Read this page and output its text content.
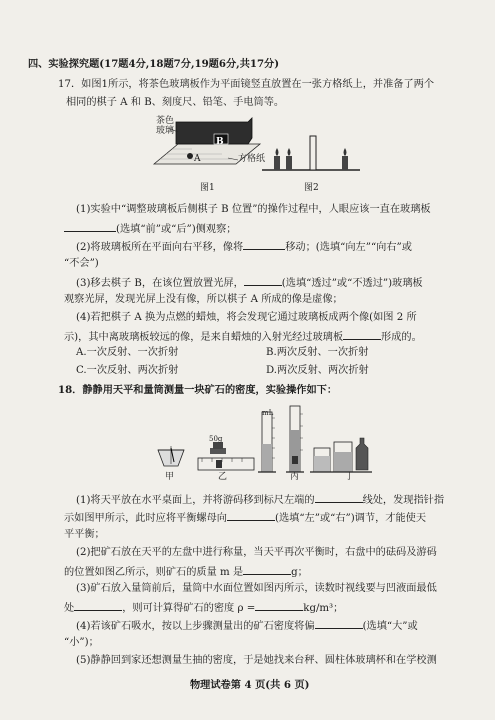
四、实验探究题(17题4分,18题7分,19题6分,共17分)
17．如图1所示，将茶色玻璃板作为平面镜竖直放置在一张方格纸上，并准备了两个
相同的棋子 A 和 B、刻度尺、铅笔、手电筒等。
茶色
玻璃
B
A	方格纸
图1	图2
(1)实验中“调整玻璃板后侧棋子 B 位置”的操作过程中，人眼应该一直在玻璃板
(选填“前”或“后”)侧观察；
(2)将玻璃板所在平面向右平移，像将	移动；(选填“向左”“向右”或
“不会”)
(3)移去棋子 B，在该位置放置光屏，	(选填“透过”或“不透过”)玻璃板
观察光屏，发现光屏上没有像，所以棋子 A 所成的像是虚像；
(4)若把棋子 A 换为点燃的蜡烛，将会发现它通过玻璃板成两个像(如图 2 所
示)，其中离玻璃板较远的像，是来自蜡烛的入射光经过玻璃板	形成的。
A.一次反射、一次折射	B.两次反射、一次折射
C.一次反射、两次折射	D.两次反射、两次折射
18．静静用天平和量筒测量一块矿石的密度，实验操作如下：
50g
mL
甲	乙	丙	丁
(1)将天平放在水平桌面上，并将游码移到标尺左端的	线处，发现指针指
示如图甲所示，此时应将平衡螺母向	(选填“左”或“右”)调节，才能使天
平平衡；
(2)把矿石放在天平的左盘中进行称量，当天平再次平衡时，右盘中的砝码及游码
的位置如图乙所示，则矿石的质量 m 是	g；
(3)矿石放入量筒前后，量筒中水面位置如图丙所示，读数时视线要与凹液面最低
处	，则可计算得矿石的密度 ρ =	kg/m³；
(4)若该矿石吸水，按以上步骤测量出的矿石密度将偏	(选填“大”或
“小”)；
(5)静静回到家还想测量生抽的密度，于是她找来台秤、圆柱体玻璃杯和在学校测
物理试卷第 4 页(共 6 页)
